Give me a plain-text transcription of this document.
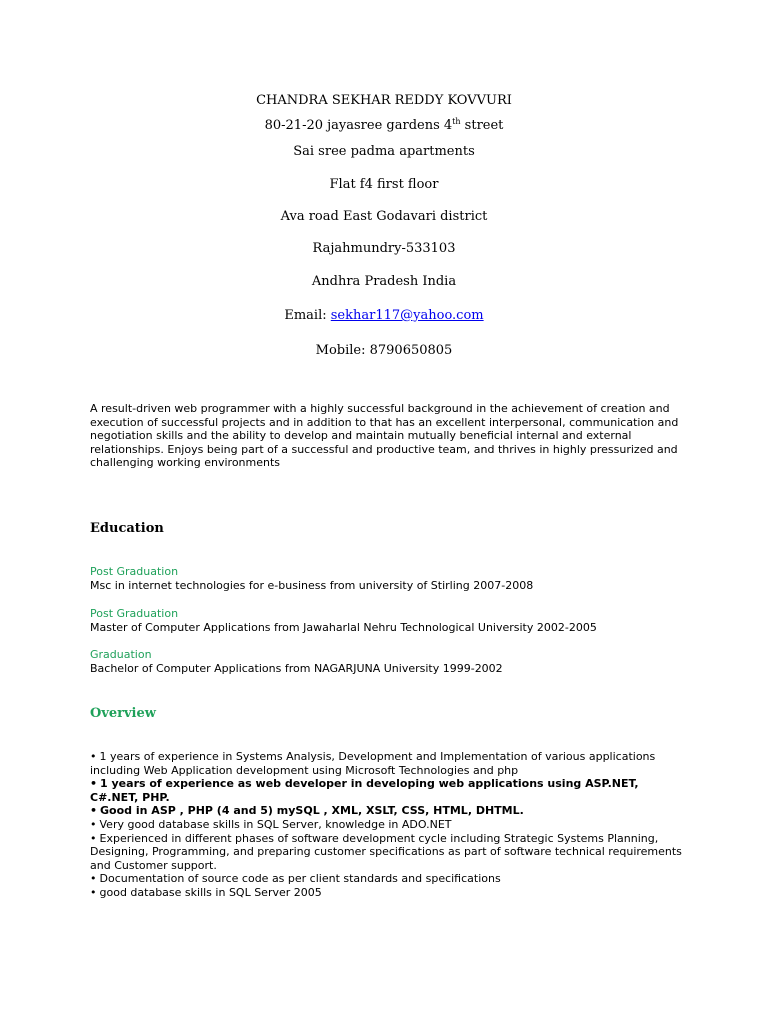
CHANDRA SEKHAR REDDY KOVVURI
80-21-20 jayasree gardens 4th street
Sai sree padma apartments
Flat f4 first floor
Ava road East Godavari district
Rajahmundry-533103
Andhra Pradesh India
Email: sekhar117@yahoo.com
Mobile: 8790650805

A result-driven web programmer with a highly successful background in the achievement of creation and execution of successful projects and in addition to that has an excellent interpersonal, communication and negotiation skills and the ability to develop and maintain mutually beneficial internal and external relationships. Enjoys being part of a successful and productive team, and thrives in highly pressurized and challenging working environments

Education
Post Graduation
Msc in internet technologies for e-business from university of Stirling 2007-2008
Post Graduation
Master of Computer Applications from Jawaharlal Nehru Technological University 2002-2005
Graduation
Bachelor of Computer Applications from NAGARJUNA University 1999-2002
Overview
• 1 years of experience in Systems Analysis, Development and Implementation of various applications including Web Application development using Microsoft Technologies and php
• 1 years of experience as web developer in developing web applications using ASP.NET, C#.NET, PHP.
• Good in ASP , PHP (4 and 5) mySQL , XML, XSLT, CSS, HTML, DHTML.
• Very good database skills in SQL Server, knowledge in ADO.NET
• Experienced in different phases of software development cycle including Strategic Systems Planning, Designing, Programming, and preparing customer specifications as part of software technical requirements and Customer support.
• Documentation of source code as per client standards and specifications
• good database skills in SQL Server 2005
